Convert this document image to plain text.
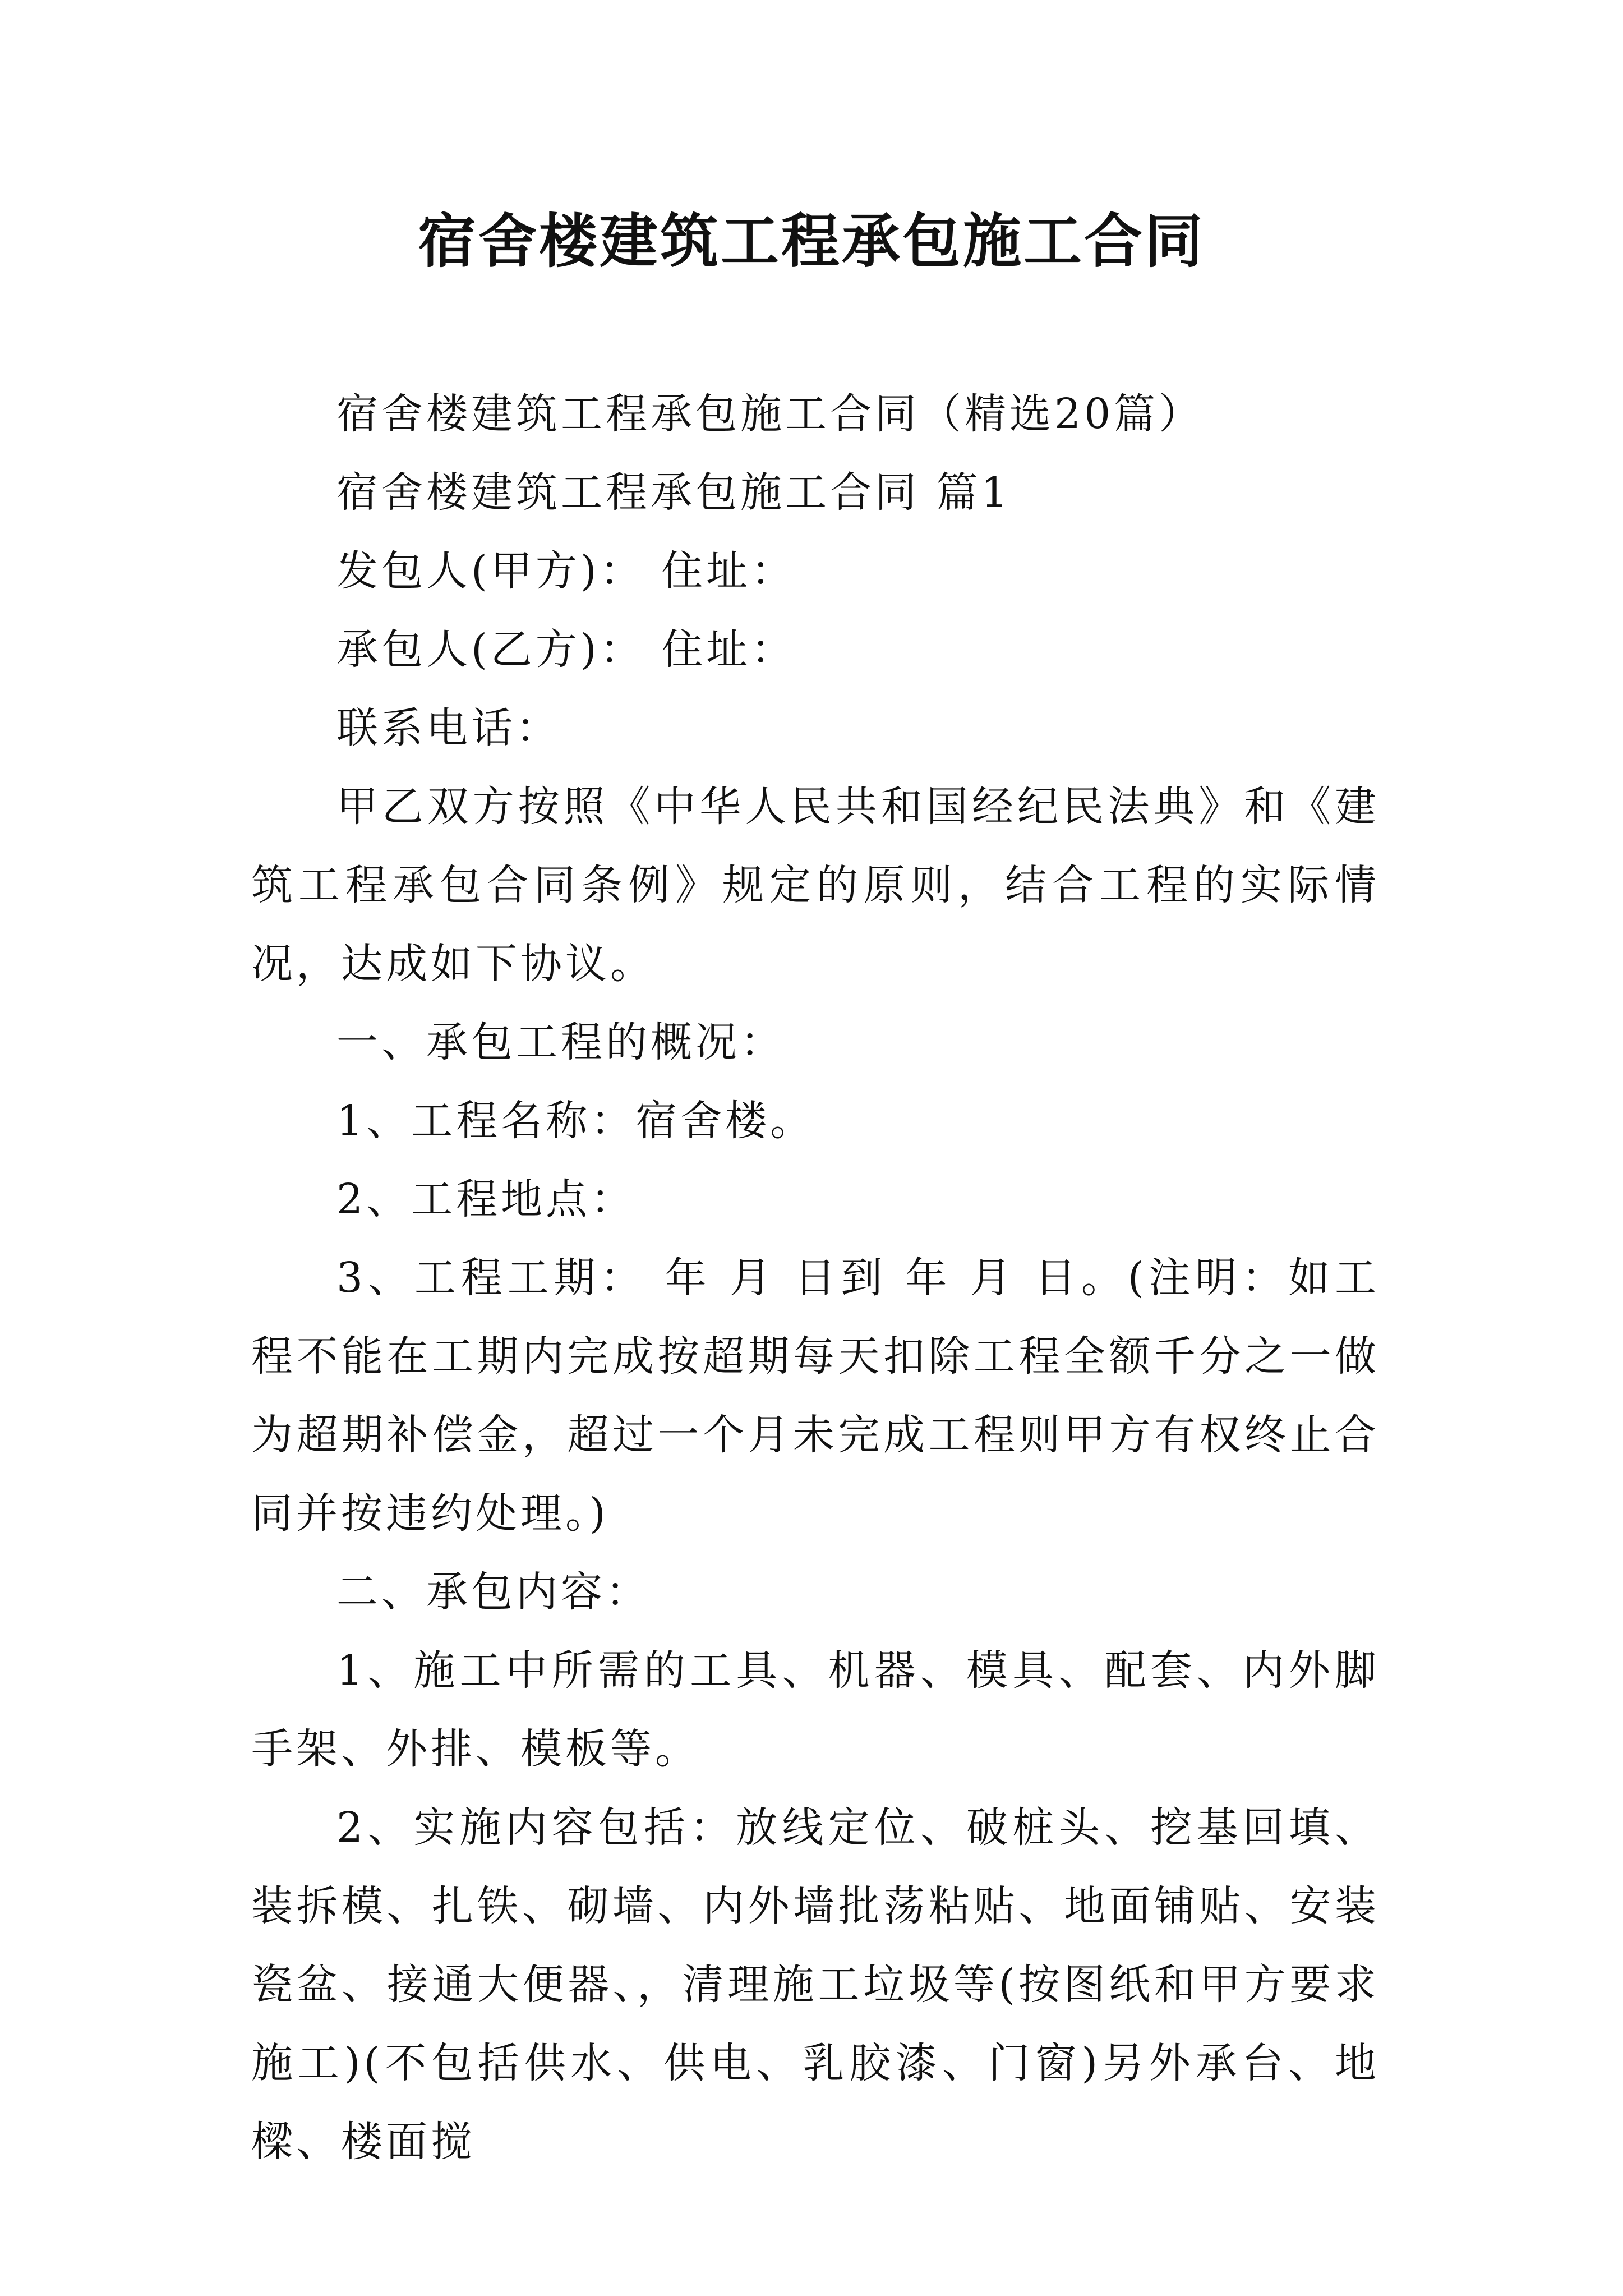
宿舍楼建筑工程承包施工合同

宿舍楼建筑工程承包施工合同（精选20篇）

宿舍楼建筑工程承包施工合同 篇1

发包人(甲方)： 住址：

承包人(乙方)： 住址：

联系电话：

甲乙双方按照《中华人民共和国经纪民法典》和《建筑工程承包合同条例》规定的原则，结合工程的实际情况，达成如下协议。

一、承包工程的概况：

1、工程名称：宿舍楼。

2、工程地点：

3、工程工期： 年 月 日到 年 月 日。(注明：如工程不能在工期内完成按超期每天扣除工程全额千分之一做为超期补偿金，超过一个月未完成工程则甲方有权终止合同并按违约处理。)

二、承包内容：

1、施工中所需的工具、机器、模具、配套、内外脚手架、外排、模板等。

2、实施内容包括：放线定位、破桩头、挖基回填、装拆模、扎铁、砌墙、内外墙批荡粘贴、地面铺贴、安装瓷盆、接通大便器、，清理施工垃圾等(按图纸和甲方要求施工)(不包括供水、供电、乳胶漆、门窗)另外承台、地樑、楼面搅
